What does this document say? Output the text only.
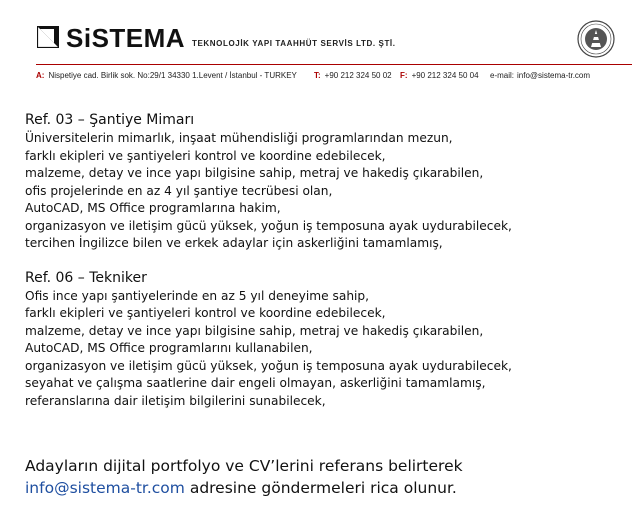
SiSTEMA TEKNOLOJİK YAPI TAAHHÜT SERVİS LTD. ŞTİ.
A: Nispetiye cad. Birlik sok. No:29/1 34330 1.Levent / İstanbul - TURKEY T: +90 212 324 50 02 F: +90 212 324 50 04 e-mail: info@sistema-tr.com
Ref. 03 – Şantiye Mimarı
Üniversitelerin mimarlık, inşaat mühendisliği programlarından mezun,
farklı ekipleri ve şantiyeleri kontrol ve koordine edebilecek,
malzeme, detay ve ince yapı bilgisine sahip, metraj ve hakediş çıkarabilen,
ofis projelerinde en az 4 yıl şantiye tecrübesi olan,
AutoCAD, MS Office programlarına hakim,
organizasyon ve iletişim gücü yüksek, yoğun iş temposuna ayak uydurabilecek,
tercihen İngilizce bilen ve erkek adaylar için askerliğini tamamlamış,
Ref. 06 – Tekniker
Ofis ince yapı şantiyelerinde en az 5 yıl deneyime sahip,
farklı ekipleri ve şantiyeleri kontrol ve koordine edebilecek,
malzeme, detay ve ince yapı bilgisine sahip, metraj ve hakediş çıkarabilen,
AutoCAD, MS Office programlarını kullanabilen,
organizasyon ve iletişim gücü yüksek, yoğun iş temposuna ayak uydurabilecek,
seyahat ve çalışma saatlerine dair engeli olmayan, askerliğini tamamlamış,
referanslarına dair iletişim bilgilerini sunabilecek,
Adayların dijital portfolyo ve CV’lerini referans belirterek
info@sistema-tr.com adresine göndermeleri rica olunur.
